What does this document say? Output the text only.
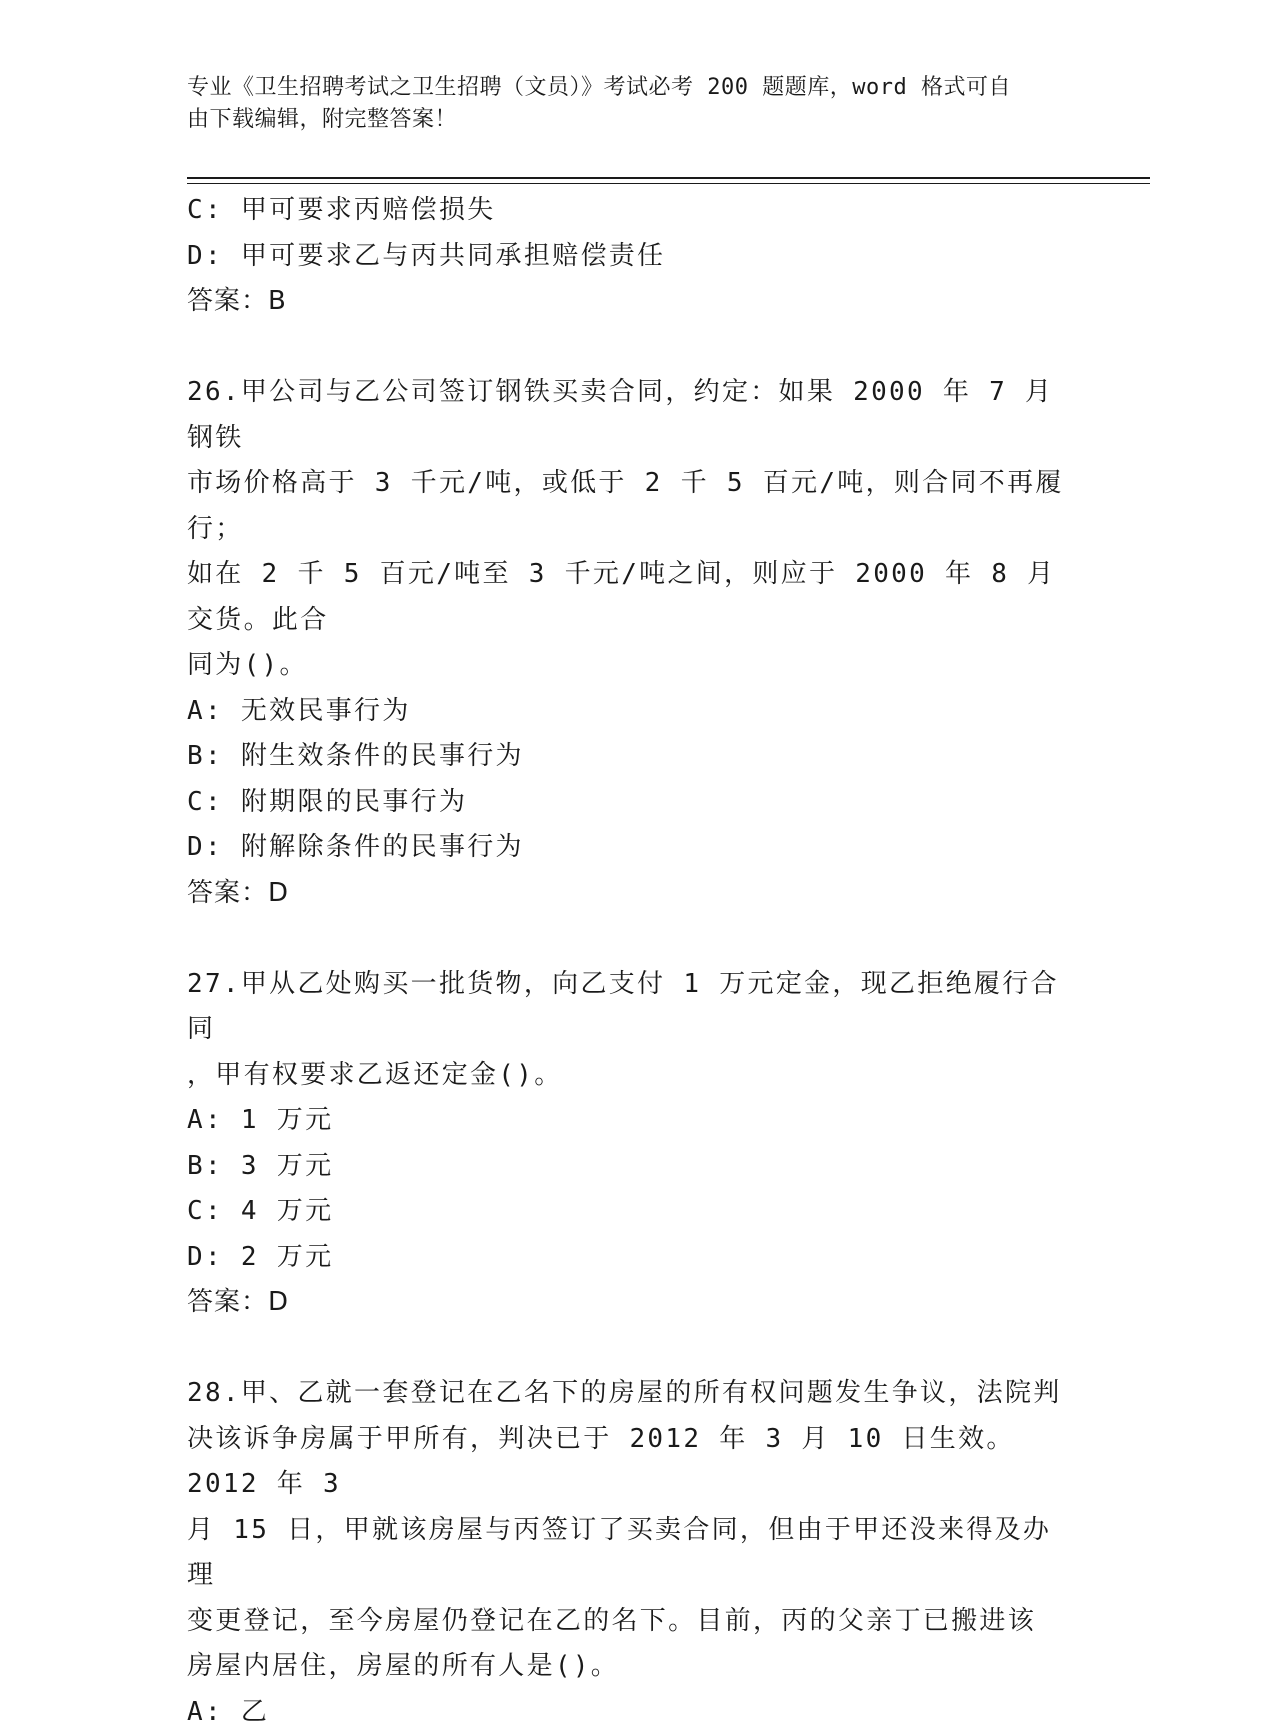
专业《卫生招聘考试之卫生招聘（文员）》考试必考 200 题题库，word 格式可自
由下载编辑，附完整答案！
C: 甲可要求丙赔偿损失
D: 甲可要求乙与丙共同承担赔偿责任
答案：B
26.甲公司与乙公司签订钢铁买卖合同，约定：如果 2000 年 7 月钢铁
市场价格高于 3 千元/吨，或低于 2 千 5 百元/吨，则合同不再履行；
如在 2 千 5 百元/吨至 3 千元/吨之间，则应于 2000 年 8 月交货。此合
同为()。
A: 无效民事行为
B: 附生效条件的民事行为
C: 附期限的民事行为
D: 附解除条件的民事行为
答案：D
27.甲从乙处购买一批货物，向乙支付 1 万元定金，现乙拒绝履行合同
，甲有权要求乙返还定金()。
A: 1 万元
B: 3 万元
C: 4 万元
D: 2 万元
答案：D
28.甲、乙就一套登记在乙名下的房屋的所有权问题发生争议，法院判
决该诉争房属于甲所有，判决已于 2012 年 3 月 10 日生效。2012 年 3
月 15 日，甲就该房屋与丙签订了买卖合同，但由于甲还没来得及办理
变更登记，至今房屋仍登记在乙的名下。目前，丙的父亲丁已搬进该
房屋内居住，房屋的所有人是()。
A: 乙
